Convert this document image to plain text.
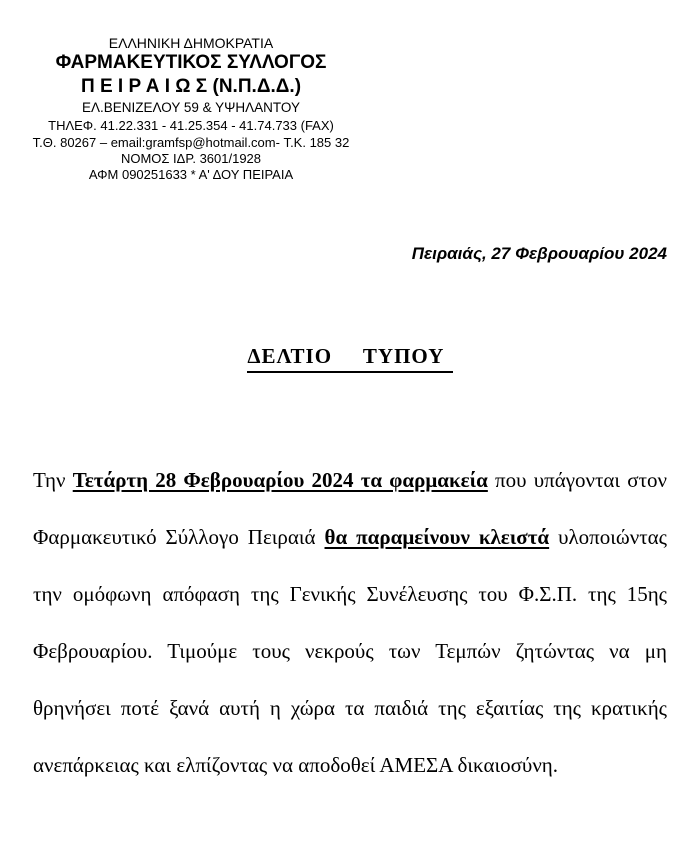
ΕΛΛΗΝΙΚΗ ΔΗΜΟΚΡΑΤΙΑ
ΦΑΡΜΑΚΕΥΤΙΚΟΣ ΣΥΛΛΟΓΟΣ
Π Ε Ι Ρ Α Ι Ω Σ (Ν.Π.Δ.Δ.)
ΕΛ.ΒΕΝΙΖΕΛΟΥ 59 & ΥΨΗΛΑΝΤΟΥ
ΤΗΛΕΦ. 41.22.331 - 41.25.354 - 41.74.733 (FAX)
Τ.Θ. 80267 – email:gramfsp@hotmail.com- Τ.Κ. 185 32
ΝΟΜΟΣ ΙΔΡ. 3601/1928
ΑΦΜ 090251633 * Α' ΔΟΥ ΠΕΙΡΑΙΑ
Πειραιάς, 27 Φεβρουαρίου 2024
ΔΕΛΤΙΟ     ΤΥΠΟΥ
Την Τετάρτη 28 Φεβρουαρίου 2024 τα φαρμακεία που υπάγονται στον
Φαρμακευτικό Σύλλογο Πειραιά θα παραμείνουν κλειστά υλοποιώντας
την ομόφωνη απόφαση της Γενικής Συνέλευσης του Φ.Σ.Π. της 15ης
Φεβρουαρίου. Τιμούμε τους νεκρούς των Τεμπών ζητώντας να μη
θρηνήσει ποτέ ξανά αυτή η χώρα τα παιδιά της εξαιτίας της κρατικής
ανεπάρκειας και ελπίζοντας να αποδοθεί ΑΜΕΣΑ δικαιοσύνη.
